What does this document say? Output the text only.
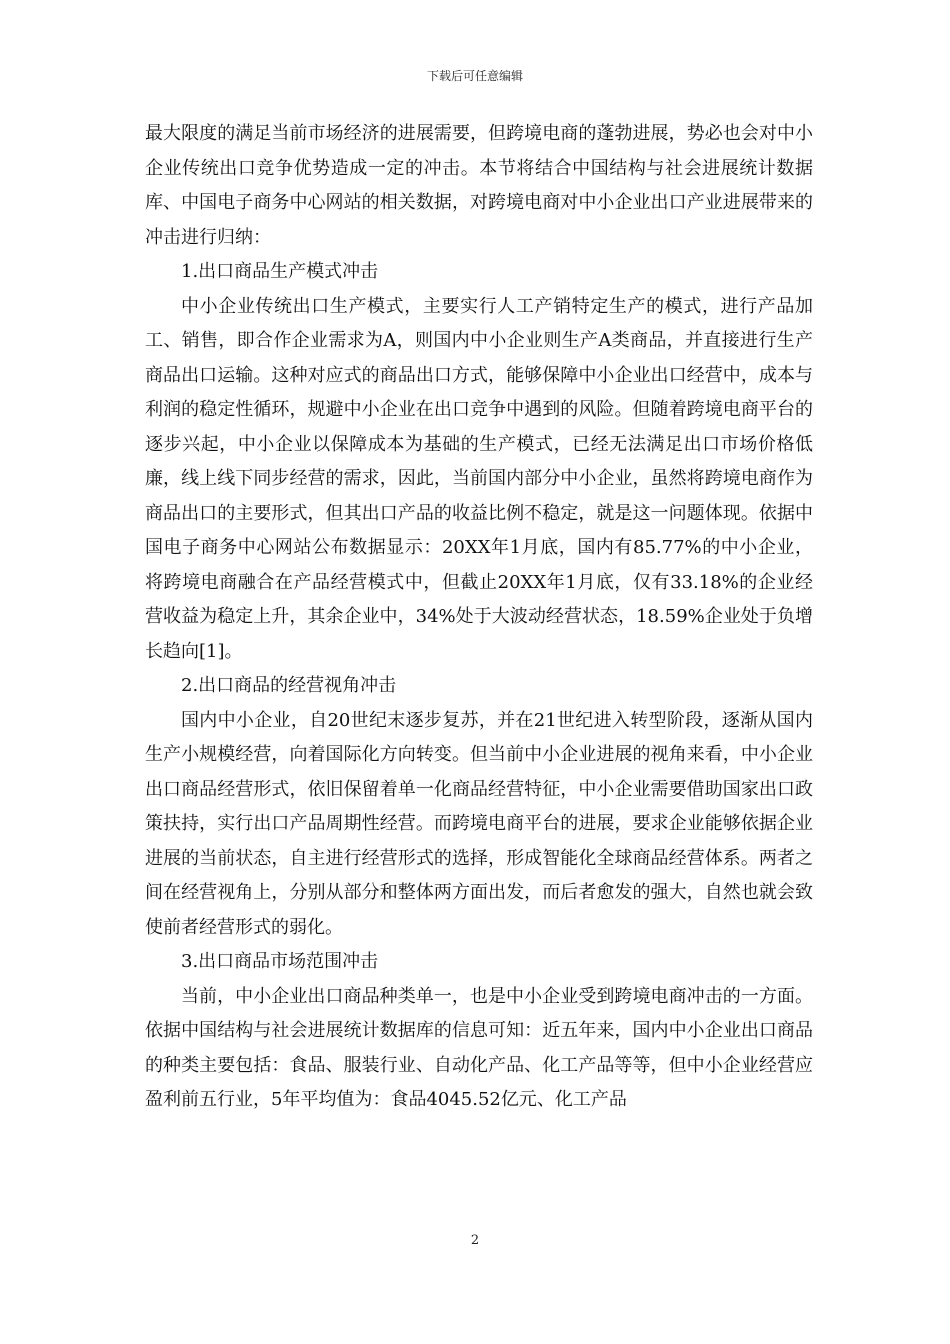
下载后可任意编辑

最大限度的满足当前市场经济的进展需要，但跨境电商的蓬勃进展，势必也会对中小企业传统出口竞争优势造成一定的冲击。本节将结合中国结构与社会进展统计数据库、中国电子商务中心网站的相关数据，对跨境电商对中小企业出口产业进展带来的冲击进行归纳：

1.出口商品生产模式冲击

中小企业传统出口生产模式，主要实行人工产销特定生产的模式，进行产品加工、销售，即合作企业需求为A，则国内中小企业则生产A类商品，并直接进行生产商品出口运输。这种对应式的商品出口方式，能够保障中小企业出口经营中，成本与利润的稳定性循环，规避中小企业在出口竞争中遇到的风险。但随着跨境电商平台的逐步兴起，中小企业以保障成本为基础的生产模式，已经无法满足出口市场价格低廉，线上线下同步经营的需求，因此，当前国内部分中小企业，虽然将跨境电商作为商品出口的主要形式，但其出口产品的收益比例不稳定，就是这一问题体现。依据中国电子商务中心网站公布数据显示：20XX年1月底，国内有85.77%的中小企业，将跨境电商融合在产品经营模式中，但截止20XX年1月底，仅有33.18%的企业经营收益为稳定上升，其余企业中，34%处于大波动经营状态，18.59%企业处于负增长趋向[1]。

2.出口商品的经营视角冲击

国内中小企业，自20世纪末逐步复苏，并在21世纪进入转型阶段，逐渐从国内生产小规模经营，向着国际化方向转变。但当前中小企业进展的视角来看，中小企业出口商品经营形式，依旧保留着单一化商品经营特征，中小企业需要借助国家出口政策扶持，实行出口产品周期性经营。而跨境电商平台的进展，要求企业能够依据企业进展的当前状态，自主进行经营形式的选择，形成智能化全球商品经营体系。两者之间在经营视角上，分别从部分和整体两方面出发，而后者愈发的强大，自然也就会致使前者经营形式的弱化。

3.出口商品市场范围冲击

当前，中小企业出口商品种类单一，也是中小企业受到跨境电商冲击的一方面。依据中国结构与社会进展统计数据库的信息可知：近五年来，国内中小企业出口商品的种类主要包括：食品、服装行业、自动化产品、化工产品等等，但中小企业经营应盈利前五行业，5年平均值为：食品4045.52亿元、化工产品

2
